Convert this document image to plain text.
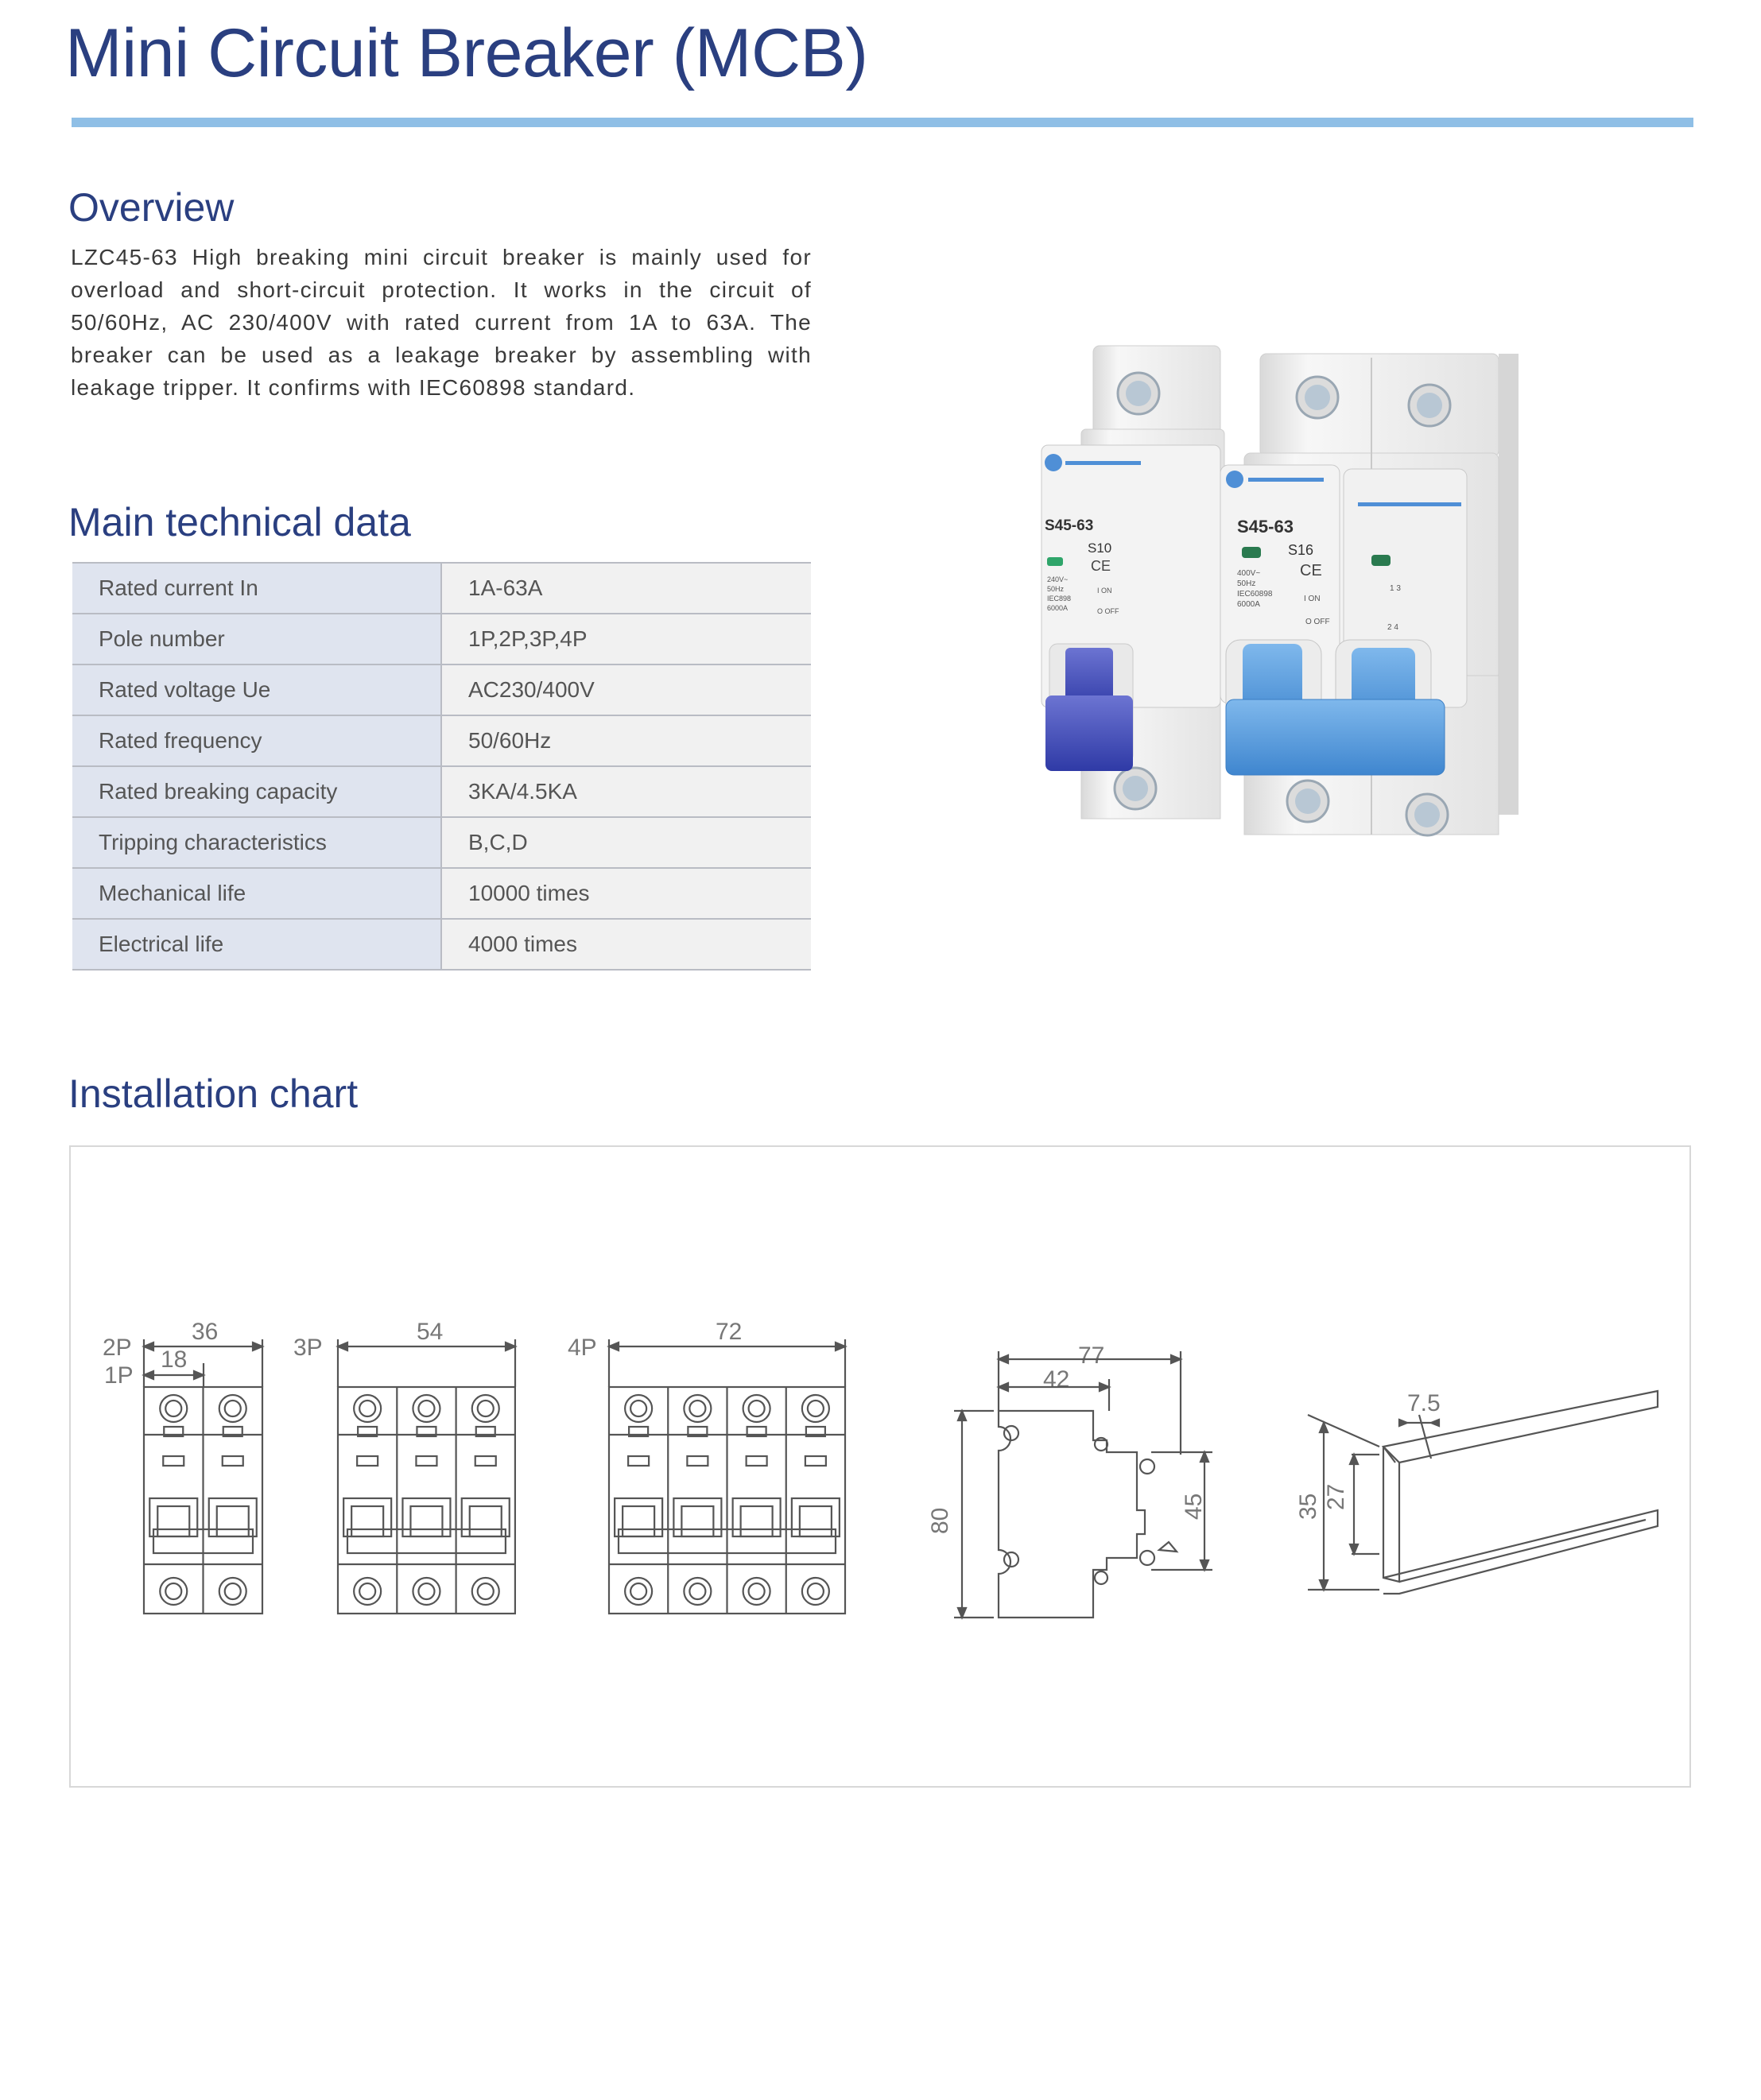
Mini Circuit Breaker (MCB)
Overview
LZC45-63 High breaking mini circuit breaker is mainly used for overload and short-circuit protection. It works in the circuit of 50/60Hz, AC 230/400V with rated current from 1A to 63A. The breaker can be used as a leakage breaker by assembling with leakage tripper. It confirms with IEC60898 standard.
Main technical data
Rated current In	1A-63A
Pole number	1P,2P,3P,4P
Rated voltage Ue	AC230/400V
Rated frequency	50/60Hz
Rated breaking capacity	3KA/4.5KA
Tripping characteristics	B,C,D
Mechanical life	10000 times
Electrical life	4000 times
S45-63
S10
240V~
50Hz
IEC898
6000A
CE
I ON
O OFF
S45-63
S16
400V~
50Hz
IEC60898
6000A
CE
I ON
O OFF
1 3
2 4
Installation chart
2P
1P
36
18	3P
54
4P
72
77
42
7.5
80
45	35 27
